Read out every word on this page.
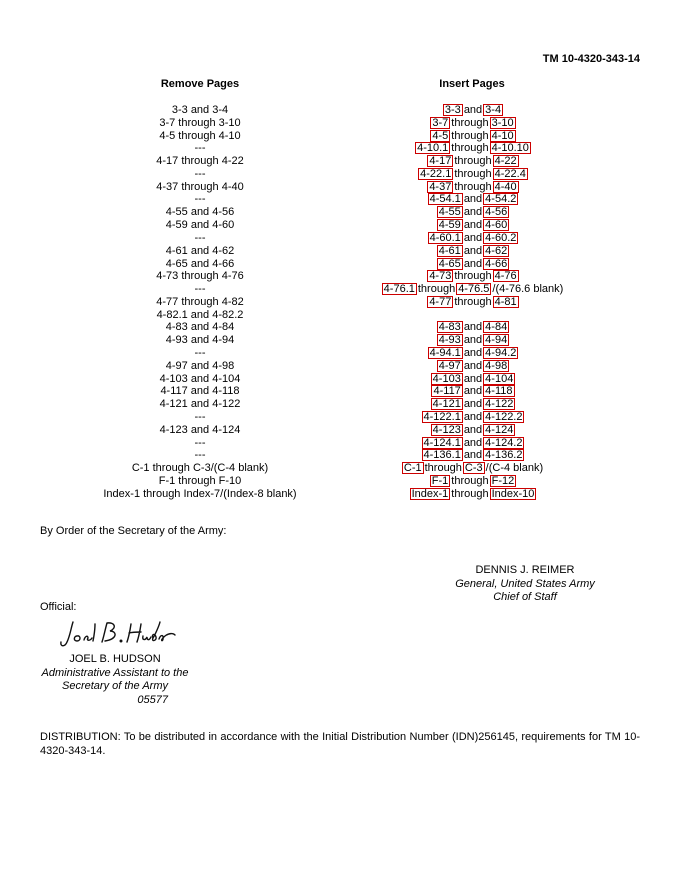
TM 10-4320-343-14
Remove Pages	Insert Pages
3-3 and 3-4	3-3 and 3-4
3-7 through 3-10	3-7 through 3-10
4-5 through 4-10	4-5 through 4-10
---	4-10.1 through 4-10.10
4-17 through 4-22	4-17 through 4-22
---	4-22.1 through 4-22.4
4-37 through 4-40	4-37 through 4-40
---	4-54.1 and 4-54.2
4-55 and 4-56	4-55 and 4-56
4-59 and 4-60	4-59 and 4-60
---	4-60.1 and 4-60.2
4-61 and 4-62	4-61 and 4-62
4-65 and 4-66	4-65 and 4-66
4-73 through 4-76	4-73 through 4-76
---	4-76.1 through 4-76.5 /(4-76.6 blank)
4-77 through 4-82	4-77 through 4-81
4-82.1 and 4-82.2
4-83 and 4-84	4-83 and 4-84
4-93 and 4-94	4-93 and 4-94
---	4-94.1 and 4-94.2
4-97 and 4-98	4-97 and 4-98
4-103 and 4-104	4-103 and 4-104
4-117 and 4-118	4-117 and 4-118
4-121 and 4-122	4-121 and 4-122
---	4-122.1 and 4-122.2
4-123 and 4-124	4-123 and 4-124
---	4-124.1 and 4-124.2
---	4-136.1 and 4-136.2
C-1 through C-3/(C-4 blank)	C-1 through C-3 /(C-4 blank)
F-1 through F-10	F-1 through F-12
Index-1 through Index-7/(Index-8 blank)	Index-1 through Index-10
By Order of the Secretary of the Army:
DENNIS J. REIMER
General, United States Army
Chief of Staff
Official:
JOEL B. HUDSON
Administrative Assistant to the
Secretary of the Army
05577
DISTRIBUTION: To be distributed in accordance with the Initial Distribution Number (IDN)256145, requirements for TM 10-4320-343-14.
